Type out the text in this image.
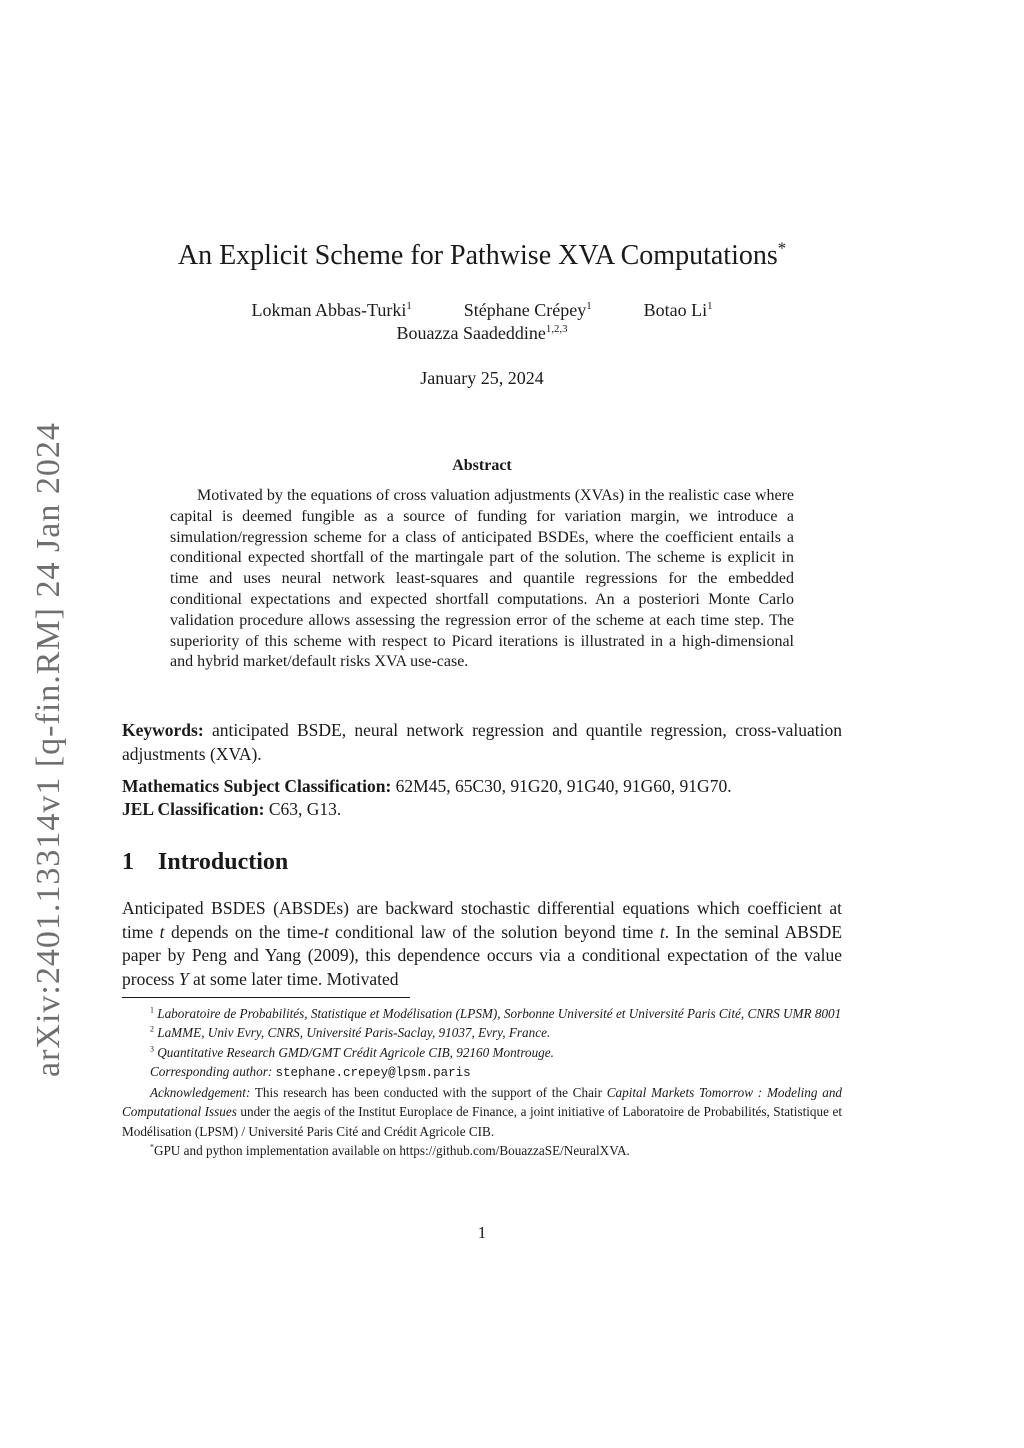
arXiv:2401.13314v1 [q-fin.RM] 24 Jan 2024
An Explicit Scheme for Pathwise XVA Computations*
Lokman Abbas-Turki$^1$	Stéphane Crépey$^1$	Botao Li$^1$
Bouazza Saadeddine$^{1,2,3}$
January 25, 2024
Abstract
Motivated by the equations of cross valuation adjustments (XVAs) in the realistic case where capital is deemed fungible as a source of funding for variation margin, we introduce a simulation/regression scheme for a class of anticipated BSDEs, where the coefficient entails a conditional expected shortfall of the martingale part of the solution. The scheme is explicit in time and uses neural network least-squares and quantile regressions for the embedded conditional expectations and expected shortfall computations. An a posteriori Monte Carlo validation procedure allows assessing the regression error of the scheme at each time step. The superiority of this scheme with respect to Picard iterations is illustrated in a high-dimensional and hybrid market/default risks XVA use-case.
Keywords: anticipated BSDE, neural network regression and quantile regression, cross-valuation adjustments (XVA).
Mathematics Subject Classification: 62M45, 65C30, 91G20, 91G40, 91G60, 91G70.
JEL Classification: C63, G13.
1 Introduction
Anticipated BSDES (ABSDEs) are backward stochastic differential equations which coefficient at time t depends on the time-t conditional law of the solution beyond time t. In the seminal ABSDE paper by Peng and Yang (2009), this dependence occurs via a conditional expectation of the value process Y at some later time. Motivated

$^1$ Laboratoire de Probabilités, Statistique et Modélisation (LPSM), Sorbonne Université et Université Paris Cité, CNRS UMR 8001

$^2$ LaMME, Univ Evry, CNRS, Université Paris-Saclay, 91037, Evry, France.

$^3$ Quantitative Research GMD/GMT Crédit Agricole CIB, 92160 Montrouge.

Corresponding author: stephane.crepey@lpsm.paris

Acknowledgement: This research has been conducted with the support of the Chair Capital Markets Tomorrow : Modeling and Computational Issues under the aegis of the Institut Europlace de Finance, a joint initiative of Laboratoire de Probabilités, Statistique et Modélisation (LPSM) / Université Paris Cité and Crédit Agricole CIB.

*GPU and python implementation available on https://github.com/BouazzaSE/NeuralXVA.

1
